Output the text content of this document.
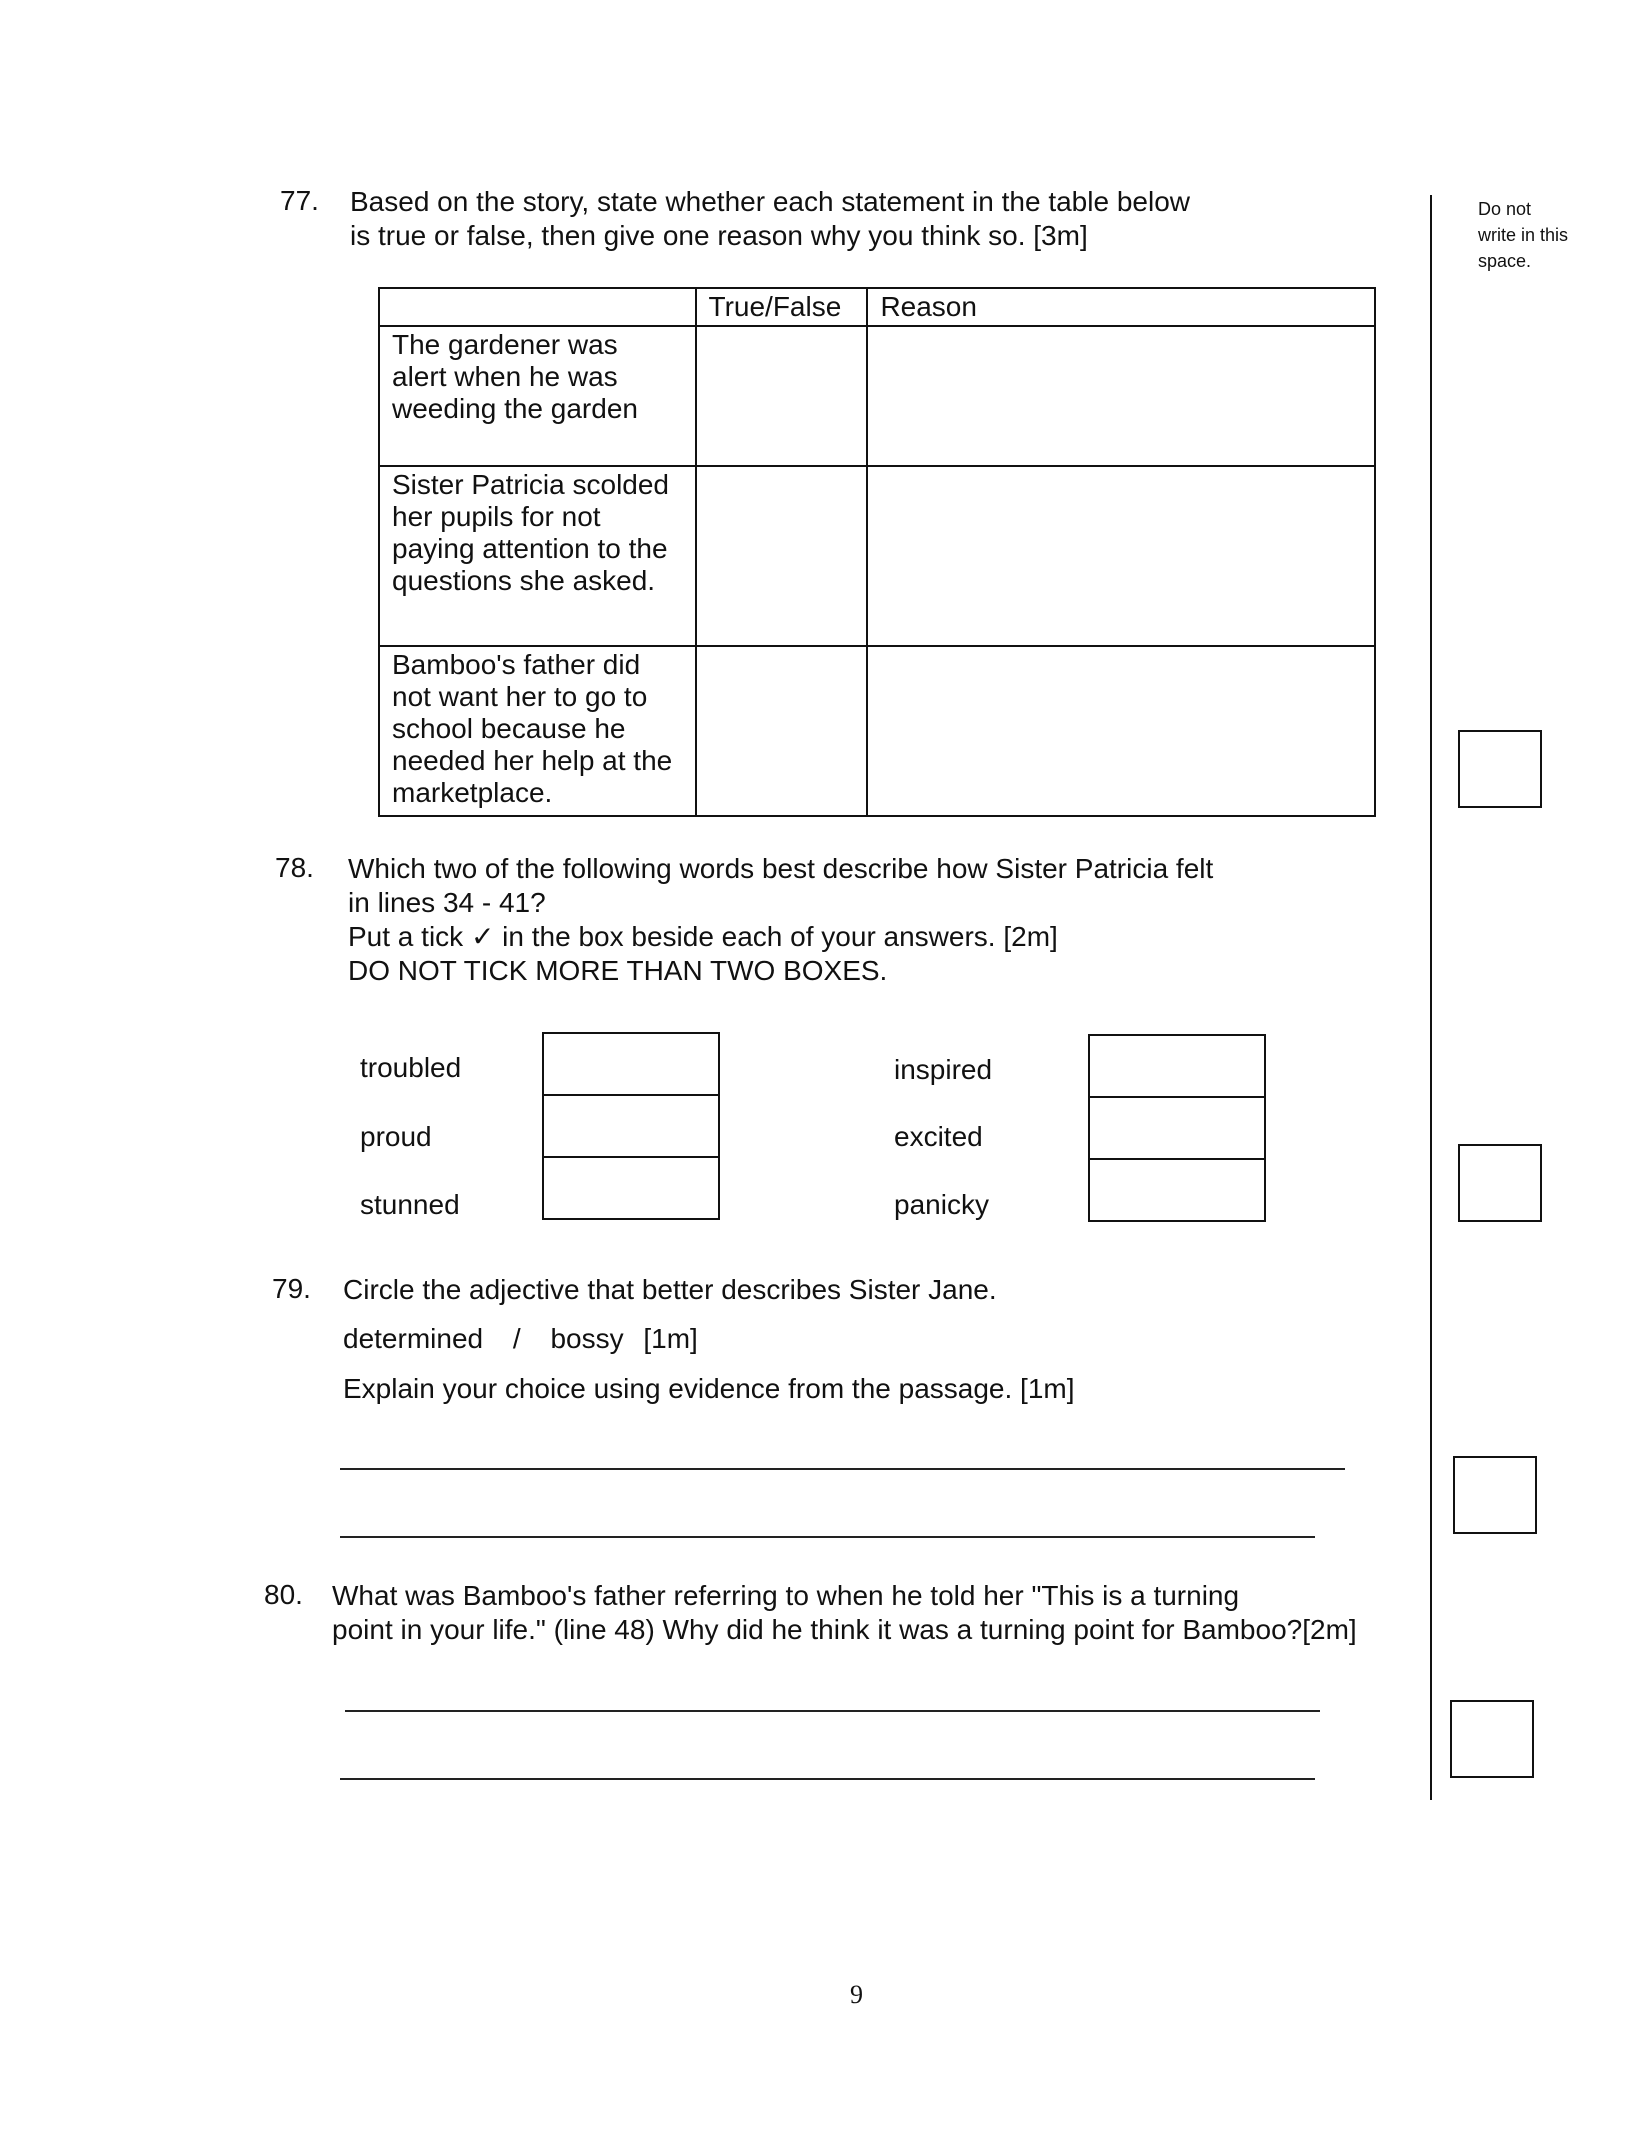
Do not
write in this
space.
77. Based on the story, state whether each statement in the table below
is true or false, then give one reason why you think so. [3m]
	True/False	Reason

The gardener was
alert when he was
weeding the garden		

Sister Patricia scolded
her pupils for not
paying attention to the
questions she asked.		

Bamboo's father did
not want her to go to
school because he
needed her help at the
marketplace.		

78. Which two of the following words best describe how Sister Patricia felt
in lines 34 - 41?
Put a tick ✓ in the box beside each of your answers. [2m]
DO NOT TICK MORE THAN TWO BOXES.
troubled
proud
stunned
inspired
excited
panicky
79. Circle the adjective that better describes Sister Jane.
determined / bossy [1m]
Explain your choice using evidence from the passage. [1m]
80. What was Bamboo's father referring to when he told her "This is a turning
point in your life." (line 48) Why did he think it was a turning point for Bamboo?[2m]
9
